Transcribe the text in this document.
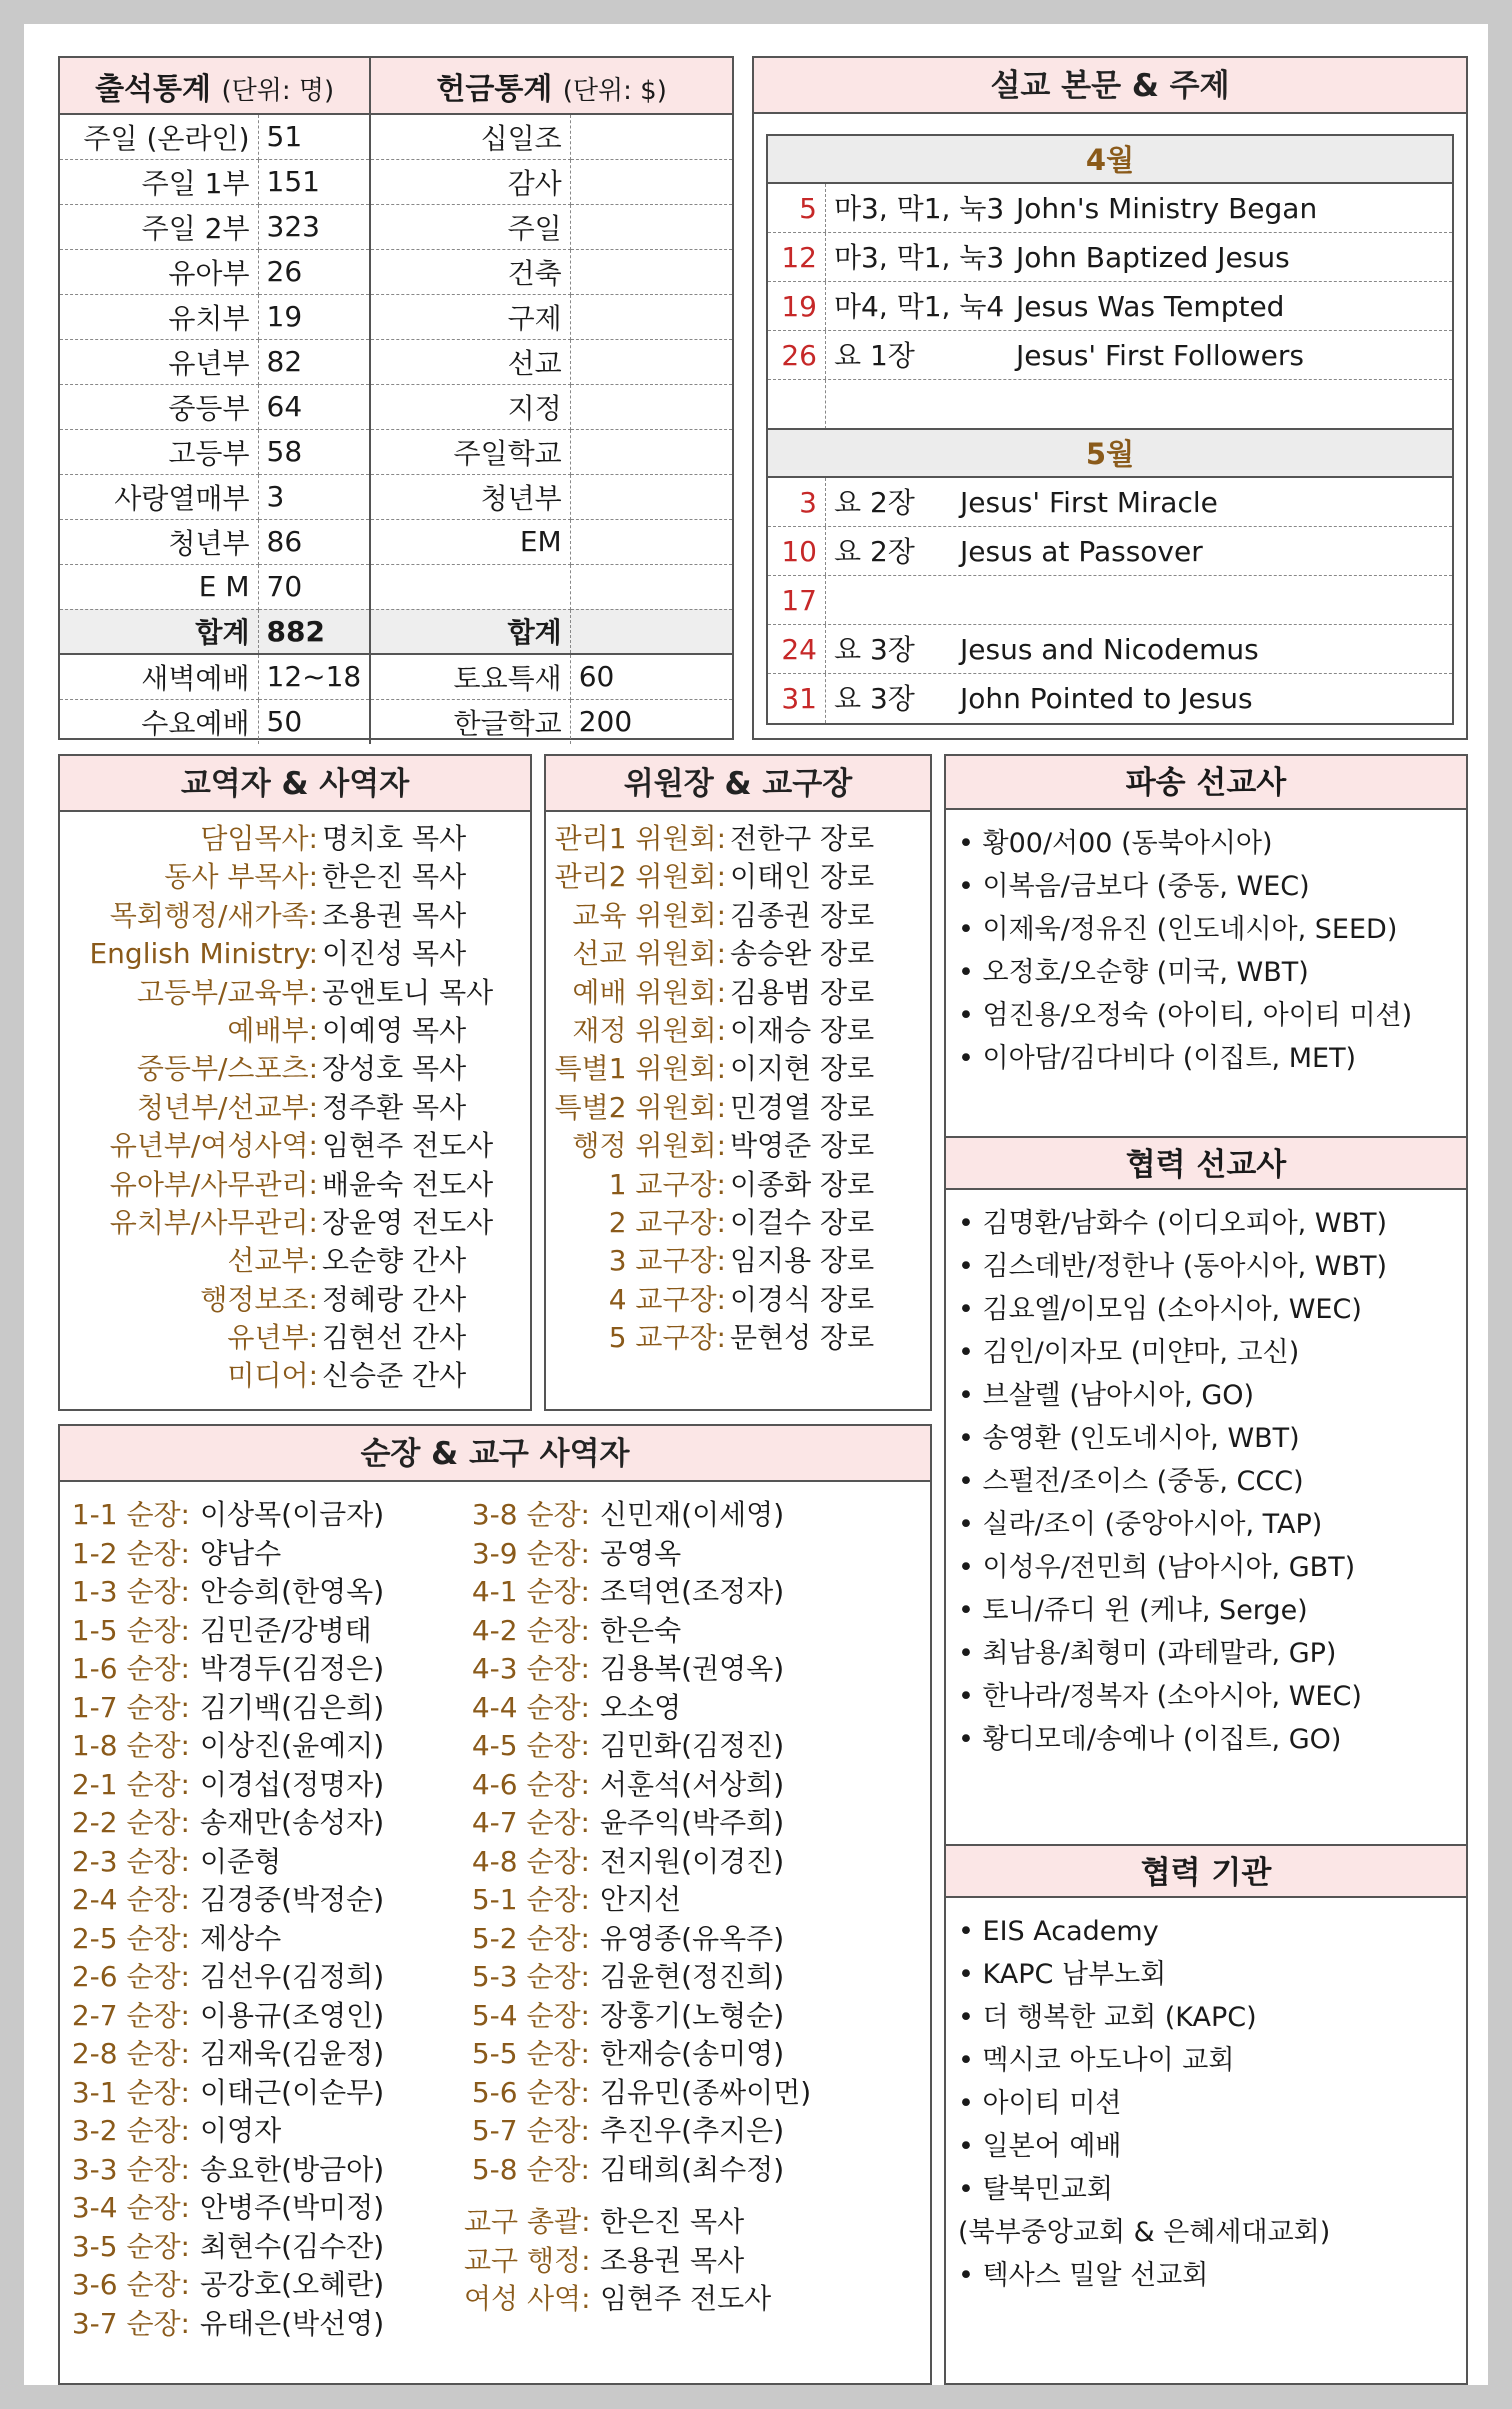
출석통계 (단위: 명)		헌금통계 (단위: $)	
주일 (온라인)	51	십일조	
주일 1부	151	감사	
주일 2부	323	주일	
유아부	26	건축	
유치부	19	구제	
유년부	82	선교	
중등부	64	지정	
고등부	58	주일학교	
사랑열매부	3	청년부	
청년부	86	EM	
E M	70		
합계	882	합계	
새벽예배	12~18	토요특새	60
수요예배	50	한글학교	200
설교 본문 & 주제
4월
5 마3, 막1, 눅3 John's Ministry Began
12 마3, 막1, 눅3 John Baptized Jesus
19 마4, 막1, 눅4 Jesus Was Tempted
26 요 1장	Jesus' First Followers
5월
3 요 2장	Jesus' First Miracle
10 요 2장	Jesus at Passover
17
24 요 3장	Jesus and Nicodemus
31 요 3장	John Pointed to Jesus
교역자 & 사역자
담임목사: 명치호 목사
동사 부목사: 한은진 목사
목회행정/새가족: 조용권 목사
English Ministry: 이진성 목사
고등부/교육부: 공앤토니 목사
예배부: 이예영 목사
중등부/스포츠: 장성호 목사
청년부/선교부: 정주환 목사
유년부/여성사역: 임현주 전도사
유아부/사무관리: 배윤숙 전도사
유치부/사무관리: 장윤영 전도사
선교부: 오순향 간사
행정보조: 정혜랑 간사
유년부: 김현선 간사
미디어: 신승준 간사
위원장 & 교구장
관리1 위원회: 전한구 장로
관리2 위원회: 이태인 장로
교육 위원회: 김종권 장로
선교 위원회: 송승완 장로
예배 위원회: 김용범 장로
재정 위원회: 이재승 장로
특별1 위원회: 이지현 장로
특별2 위원회: 민경열 장로
행정 위원회: 박영준 장로
1 교구장: 이종화 장로
2 교구장: 이걸수 장로
3 교구장: 임지용 장로
4 교구장: 이경식 장로
5 교구장: 문현성 장로
순장 & 교구 사역자
1-1 순장: 이상목(이금자)
1-2 순장: 양남수
1-3 순장: 안승희(한영옥)
1-5 순장: 김민준/강병태
1-6 순장: 박경두(김정은)
1-7 순장: 김기백(김은희)
1-8 순장: 이상진(윤예지)
2-1 순장: 이경섭(정명자)
2-2 순장: 송재만(송성자)
2-3 순장: 이준형
2-4 순장: 김경중(박정순)
2-5 순장: 제상수
2-6 순장: 김선우(김정희)
2-7 순장: 이용규(조영인)
2-8 순장: 김재욱(김윤정)
3-1 순장: 이태근(이순무)
3-2 순장: 이영자
3-3 순장: 송요한(방금아)
3-4 순장: 안병주(박미정)
3-5 순장: 최현수(김수잔)
3-6 순장: 공강호(오혜란)
3-7 순장: 유태은(박선영)
3-8 순장: 신민재(이세영)
3-9 순장: 공영옥
4-1 순장: 조덕연(조정자)
4-2 순장: 한은숙
4-3 순장: 김용복(권영옥)
4-4 순장: 오소영
4-5 순장: 김민화(김정진)
4-6 순장: 서훈석(서상희)
4-7 순장: 윤주익(박주희)
4-8 순장: 전지원(이경진)
5-1 순장: 안지선
5-2 순장: 유영종(유옥주)
5-3 순장: 김윤현(정진희)
5-4 순장: 장홍기(노형순)
5-5 순장: 한재승(송미영)
5-6 순장: 김유민(종싸이먼)
5-7 순장: 추진우(추지은)
5-8 순장: 김태희(최수정)
교구 총괄: 한은진 목사
교구 행정: 조용권 목사
여성 사역: 임현주 전도사
파송 선교사
• 황00/서00 (동북아시아)
• 이복음/금보다 (중동, WEC)
• 이제욱/정유진 (인도네시아, SEED)
• 오정호/오순향 (미국, WBT)
• 엄진용/오정숙 (아이티, 아이티 미션)
• 이아담/김다비다 (이집트, MET)
협력 선교사
• 김명환/남화수 (이디오피아, WBT)
• 김스데반/정한나 (동아시아, WBT)
• 김요엘/이모임 (소아시아, WEC)
• 김인/이자모 (미얀마, 고신)
• 브살렐 (남아시아, GO)
• 송영환 (인도네시아, WBT)
• 스펄전/조이스 (중동, CCC)
• 실라/조이 (중앙아시아, TAP)
• 이성우/전민희 (남아시아, GBT)
• 토니/쥬디 윈 (케냐, Serge)
• 최남용/최형미 (과테말라, GP)
• 한나라/정복자 (소아시아, WEC)
• 황디모데/송예나 (이집트, GO)
협력 기관
• EIS Academy
• KAPC 남부노회
• 더 행복한 교회 (KAPC)
• 멕시코 아도나이 교회
• 아이티 미션
• 일본어 예배
• 탈북민교회
(북부중앙교회 & 은혜세대교회)
• 텍사스 밀알 선교회
